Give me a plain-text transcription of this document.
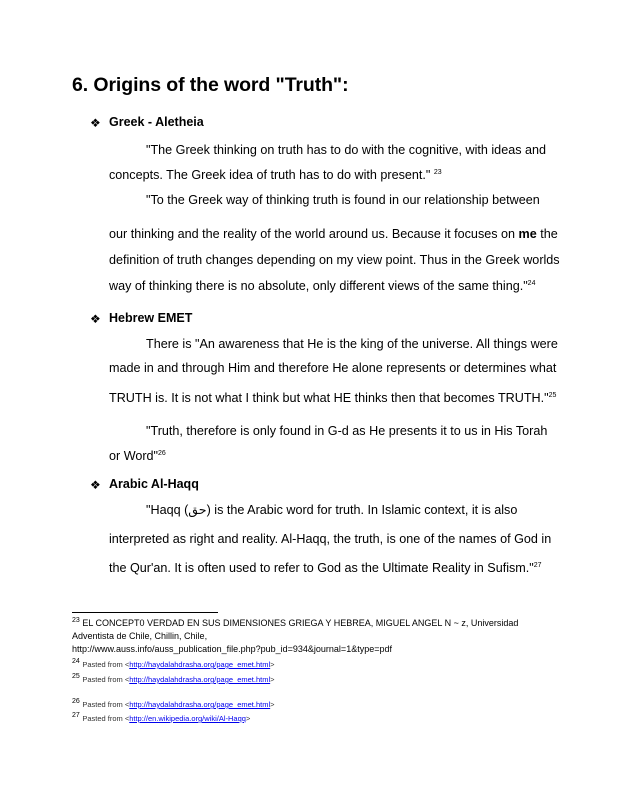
6. Origins of the word "Truth":
❖ Greek - Aletheia
"The Greek thinking on truth has to do with the cognitive, with ideas and
concepts. The Greek idea of truth has to do with present." $^{23}$
"To the Greek way of thinking truth is found in our relationship between
our thinking and the reality of the world around us. Because it focuses on me the
definition of truth changes depending on my view point. Thus in the Greek worlds
way of thinking there is no absolute, only different views of the same thing."$^{24}$
❖ Hebrew EMET
There is "An awareness that He is the king of the universe. All things were
made in and through Him and therefore He alone represents or determines what
TRUTH is. It is not what I think but what HE thinks then that becomes TRUTH."$^{25}$
"Truth, therefore is only found in G-d as He presents it to us in His Torah
or Word"$^{26}$
❖ Arabic Al-Haqq
"Haqq (حق) is the Arabic word for truth. In Islamic context, it is also
interpreted as right and reality. Al-Haqq, the truth, is one of the names of God in
the Qur'an. It is often used to refer to God as the Ultimate Reality in Sufism."$^{27}$
$^{23}$ EL CONCEPT0 VERDAD EN SUS DIMENSIONES GRIEGA Y HEBREA, MIGUEL ANGEL N ~ z, Universidad
Adventista de Chile, Chillin, Chile,
http://www.auss.info/auss_publication_file.php?pub_id=934&journal=1&type=pdf
$^{24}$ Pasted from <http://haydalahdrasha.org/page_emet.html>
$^{25}$ Pasted from <http://haydalahdrasha.org/page_emet.html>
$^{26}$ Pasted from <http://haydalahdrasha.org/page_emet.html>
$^{27}$ Pasted from <http://en.wikipedia.org/wiki/Al-Haqq>
